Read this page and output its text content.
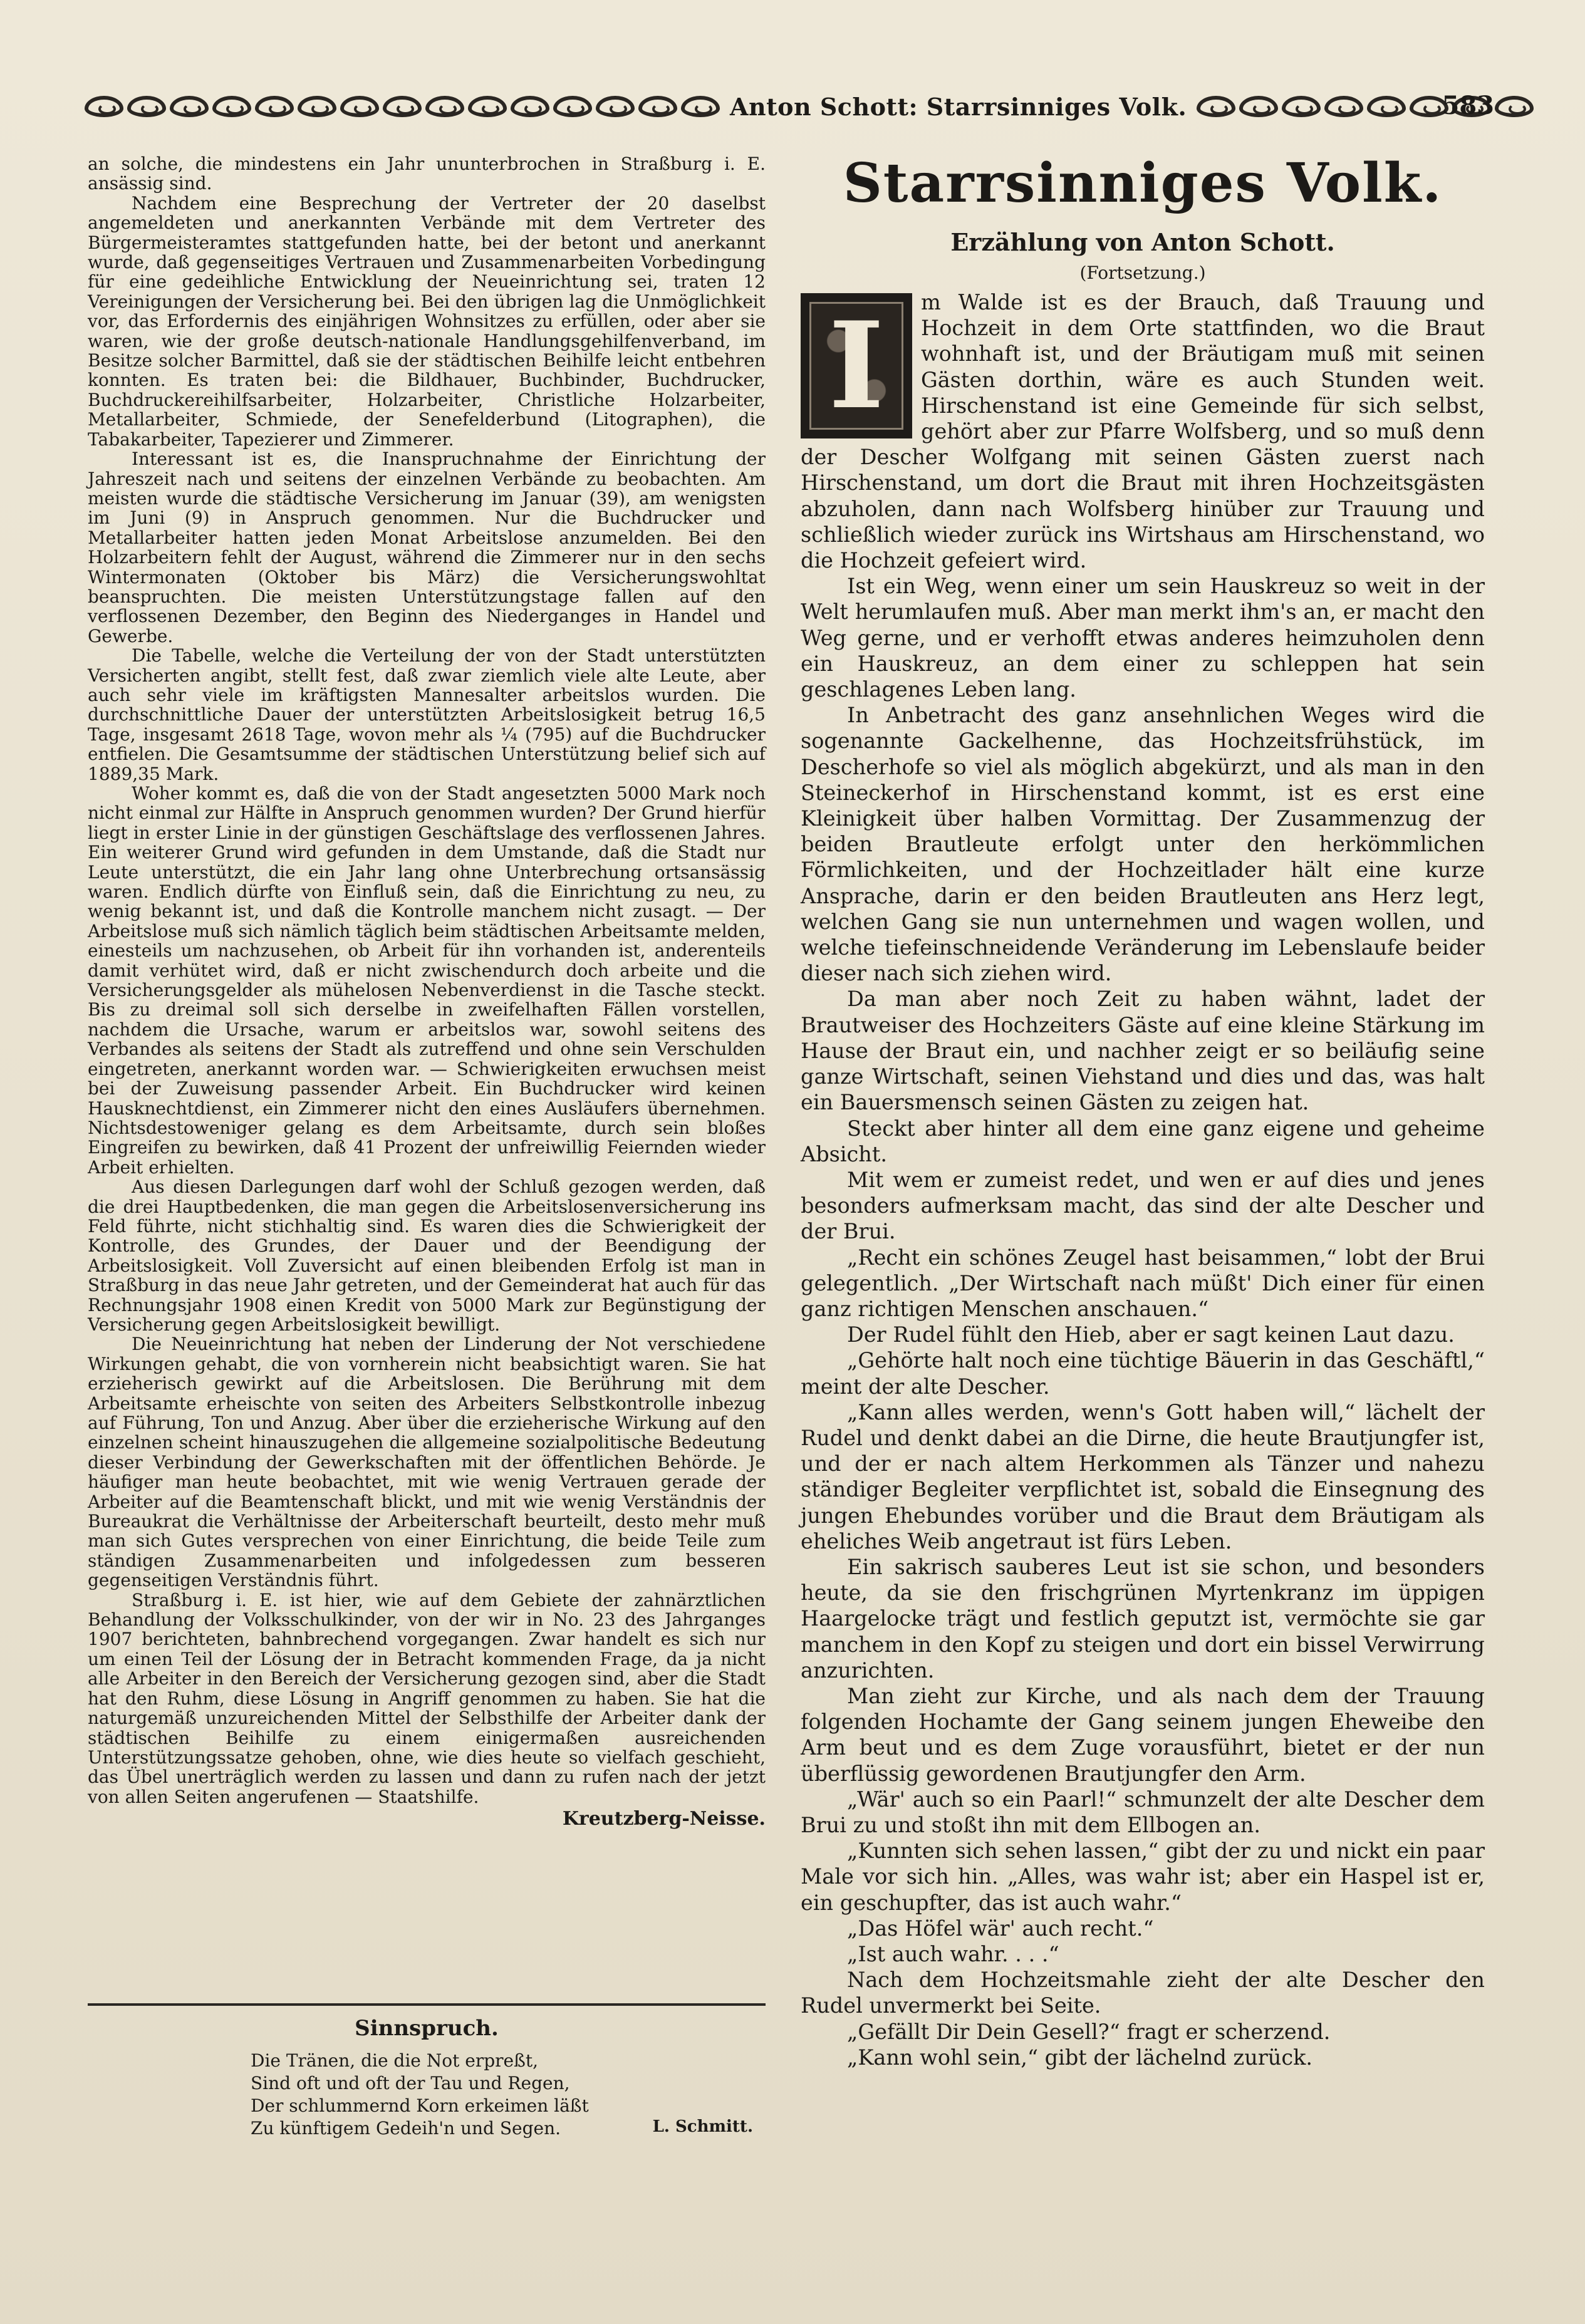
Anton Schott: Starrsinniges Volk.	583

an solche, die mindestens ein Jahr ununterbrochen in Straßburg i. E. ansässig sind.

Nachdem eine Besprechung der Vertreter der 20 daselbst angemeldeten und anerkannten Verbände mit dem Vertreter des Bürgermeisteramtes stattgefunden hatte, bei der betont und anerkannt wurde, daß gegenseitiges Vertrauen und Zusammenarbeiten Vorbedingung für eine gedeihliche Entwicklung der Neueinrichtung sei, traten 12 Vereinigungen der Versicherung bei. Bei den übrigen lag die Unmöglichkeit vor, das Erfordernis des einjährigen Wohnsitzes zu erfüllen, oder aber sie waren, wie der große deutsch-nationale Handlungsgehilfenverband, im Besitze solcher Barmittel, daß sie der städtischen Beihilfe leicht entbehren konnten. Es traten bei: die Bildhauer, Buchbinder, Buchdrucker, Buchdruckereihilfsarbeiter, Holzarbeiter, Christliche Holzarbeiter, Metallarbeiter, Schmiede, der Senefelderbund (Litographen), die Tabakarbeiter, Tapezierer und Zimmerer.

Interessant ist es, die Inanspruchnahme der Einrichtung der Jahreszeit nach und seitens der einzelnen Verbände zu beobachten. Am meisten wurde die städtische Versicherung im Januar (39), am wenigsten im Juni (9) in Anspruch genommen. Nur die Buchdrucker und Metallarbeiter hatten jeden Monat Arbeitslose anzumelden. Bei den Holzarbeitern fehlt der August, während die Zimmerer nur in den sechs Wintermonaten (Oktober bis März) die Versicherungswohltat beanspruchten. Die meisten Unterstützungstage fallen auf den verflossenen Dezember, den Beginn des Niederganges in Handel und Gewerbe.

Die Tabelle, welche die Verteilung der von der Stadt unterstützten Versicherten angibt, stellt fest, daß zwar ziemlich viele alte Leute, aber auch sehr viele im kräftigsten Mannesalter arbeitslos wurden. Die durchschnittliche Dauer der unterstützten Arbeitslosigkeit betrug 16,5 Tage, insgesamt 2618 Tage, wovon mehr als ¼ (795) auf die Buchdrucker entfielen. Die Gesamtsumme der städtischen Unterstützung belief sich auf 1889,35 Mark.

Woher kommt es, daß die von der Stadt angesetzten 5000 Mark noch nicht einmal zur Hälfte in Anspruch genommen wurden? Der Grund hierfür liegt in erster Linie in der günstigen Geschäftslage des verflossenen Jahres. Ein weiterer Grund wird gefunden in dem Umstande, daß die Stadt nur Leute unterstützt, die ein Jahr lang ohne Unterbrechung ortsansässig waren. Endlich dürfte von Einfluß sein, daß die Einrichtung zu neu, zu wenig bekannt ist, und daß die Kontrolle manchem nicht zusagt. — Der Arbeitslose muß sich nämlich täglich beim städtischen Arbeitsamte melden, einesteils um nachzusehen, ob Arbeit für ihn vorhanden ist, anderenteils damit verhütet wird, daß er nicht zwischendurch doch arbeite und die Versicherungsgelder als mühelosen Nebenverdienst in die Tasche steckt. Bis zu dreimal soll sich derselbe in zweifelhaften Fällen vorstellen, nachdem die Ursache, warum er arbeitslos war, sowohl seitens des Verbandes als seitens der Stadt als zutreffend und ohne sein Verschulden eingetreten, anerkannt worden war. — Schwierigkeiten erwuchsen meist bei der Zuweisung passender Arbeit. Ein Buchdrucker wird keinen Hausknechtdienst, ein Zimmerer nicht den eines Ausläufers übernehmen. Nichtsdestoweniger gelang es dem Arbeitsamte, durch sein bloßes Eingreifen zu bewirken, daß 41 Prozent der unfreiwillig Feiernden wieder Arbeit erhielten.

Aus diesen Darlegungen darf wohl der Schluß gezogen werden, daß die drei Hauptbedenken, die man gegen die Arbeitslosenversicherung ins Feld führte, nicht stichhaltig sind. Es waren dies die Schwierigkeit der Kontrolle, des Grundes, der Dauer und der Beendigung der Arbeitslosigkeit. Voll Zuversicht auf einen bleibenden Erfolg ist man in Straßburg in das neue Jahr getreten, und der Gemeinderat hat auch für das Rechnungsjahr 1908 einen Kredit von 5000 Mark zur Begünstigung der Versicherung gegen Arbeitslosigkeit bewilligt.

Die Neueinrichtung hat neben der Linderung der Not verschiedene Wirkungen gehabt, die von vornherein nicht beabsichtigt waren. Sie hat erzieherisch gewirkt auf die Arbeitslosen. Die Berührung mit dem Arbeitsamte erheischte von seiten des Arbeiters Selbstkontrolle inbezug auf Führung, Ton und Anzug. Aber über die erzieherische Wirkung auf den einzelnen scheint hinauszugehen die allgemeine sozialpolitische Bedeutung dieser Verbindung der Gewerkschaften mit der öffentlichen Behörde. Je häufiger man heute beobachtet, mit wie wenig Vertrauen gerade der Arbeiter auf die Beamtenschaft blickt, und mit wie wenig Verständnis der Bureaukrat die Verhältnisse der Arbeiterschaft beurteilt, desto mehr muß man sich Gutes versprechen von einer Einrichtung, die beide Teile zum ständigen Zusammenarbeiten und infolgedessen zum besseren gegenseitigen Verständnis führt.

Straßburg i. E. ist hier, wie auf dem Gebiete der zahnärztlichen Behandlung der Volksschulkinder, von der wir in No. 23 des Jahrganges 1907 berichteten, bahnbrechend vorgegangen. Zwar handelt es sich nur um einen Teil der Lösung der in Betracht kommenden Frage, da ja nicht alle Arbeiter in den Bereich der Versicherung gezogen sind, aber die Stadt hat den Ruhm, diese Lösung in Angriff genommen zu haben. Sie hat die naturgemäß unzureichenden Mittel der Selbsthilfe der Arbeiter dank der städtischen Beihilfe zu einem einigermaßen ausreichenden Unterstützungssatze gehoben, ohne, wie dies heute so vielfach geschieht, das Übel unerträglich werden zu lassen und dann zu rufen nach der jetzt von allen Seiten angerufenen — Staatshilfe.

Kreutzberg-Neisse.
Sinnspruch.
Die Tränen, die die Not erpreßt,
Sind oft und oft der Tau und Regen,
Der schlummernd Korn erkeimen läßt
Zu künftigem Gedeih'n und Segen.	L. Schmitt.
Starrsinniges Volk.
Erzählung von Anton Schott.
(Fortsetzung.)
I	m Walde ist es der Brauch, daß Trauung und Hochzeit in dem Orte stattfinden, wo die Braut wohnhaft ist, und der Bräutigam muß mit seinen Gästen dorthin, wäre es auch Stunden weit. Hirschenstand ist eine Gemeinde für sich selbst, gehört aber zur Pfarre Wolfsberg, und so muß denn der Descher Wolfgang mit seinen Gästen zuerst nach Hirschenstand, um dort die Braut mit ihren Hochzeitsgästen abzuholen, dann nach Wolfsberg hinüber zur Trauung und schließlich wieder zurück ins Wirtshaus am Hirschenstand, wo die Hochzeit gefeiert wird.

Ist ein Weg, wenn einer um sein Hauskreuz so weit in der Welt herumlaufen muß. Aber man merkt ihm's an, er macht den Weg gerne, und er verhofft etwas anderes heimzuholen denn ein Hauskreuz, an dem einer zu schleppen hat sein geschlagenes Leben lang.

In Anbetracht des ganz ansehnlichen Weges wird die sogenannte Gackelhenne, das Hochzeitsfrühstück, im Descherhofe so viel als möglich abgekürzt, und als man in den Steineckerhof in Hirschenstand kommt, ist es erst eine Kleinigkeit über halben Vormittag. Der Zusammenzug der beiden Brautleute erfolgt unter den herkömmlichen Förmlichkeiten, und der Hochzeitlader hält eine kurze Ansprache, darin er den beiden Brautleuten ans Herz legt, welchen Gang sie nun unternehmen und wagen wollen, und welche tiefeinschneidende Veränderung im Lebenslaufe beider dieser nach sich ziehen wird.

Da man aber noch Zeit zu haben wähnt, ladet der Brautweiser des Hochzeiters Gäste auf eine kleine Stärkung im Hause der Braut ein, und nachher zeigt er so beiläufig seine ganze Wirtschaft, seinen Viehstand und dies und das, was halt ein Bauersmensch seinen Gästen zu zeigen hat.

Steckt aber hinter all dem eine ganz eigene und geheime Absicht.

Mit wem er zumeist redet, und wen er auf dies und jenes besonders aufmerksam macht, das sind der alte Descher und der Brui.

„Recht ein schönes Zeugel hast beisammen,“ lobt der Brui gelegentlich. „Der Wirtschaft nach müßt' Dich einer für einen ganz richtigen Menschen anschauen.“

Der Rudel fühlt den Hieb, aber er sagt keinen Laut dazu.

„Gehörte halt noch eine tüchtige Bäuerin in das Geschäftl,“ meint der alte Descher.

„Kann alles werden, wenn's Gott haben will,“ lächelt der Rudel und denkt dabei an die Dirne, die heute Brautjungfer ist, und der er nach altem Herkommen als Tänzer und nahezu ständiger Begleiter verpflichtet ist, sobald die Einsegnung des jungen Ehebundes vorüber und die Braut dem Bräutigam als eheliches Weib angetraut ist fürs Leben.

Ein sakrisch sauberes Leut ist sie schon, und besonders heute, da sie den frischgrünen Myrtenkranz im üppigen Haargelocke trägt und festlich geputzt ist, vermöchte sie gar manchem in den Kopf zu steigen und dort ein bissel Verwirrung anzurichten.

Man zieht zur Kirche, und als nach dem der Trauung folgenden Hochamte der Gang seinem jungen Eheweibe den Arm beut und es dem Zuge vorausführt, bietet er der nun überflüssig gewordenen Brautjungfer den Arm.

„Wär' auch so ein Paarl!“ schmunzelt der alte Descher dem Brui zu und stoßt ihn mit dem Ellbogen an.

„Kunnten sich sehen lassen,“ gibt der zu und nickt ein paar Male vor sich hin. „Alles, was wahr ist; aber ein Haspel ist er, ein geschupfter, das ist auch wahr.“

„Das Höfel wär' auch recht.“

„Ist auch wahr. . . .“

Nach dem Hochzeitsmahle zieht der alte Descher den Rudel unvermerkt bei Seite.

„Gefällt Dir Dein Gesell?“ fragt er scherzend.

„Kann wohl sein,“ gibt der lächelnd zurück.
